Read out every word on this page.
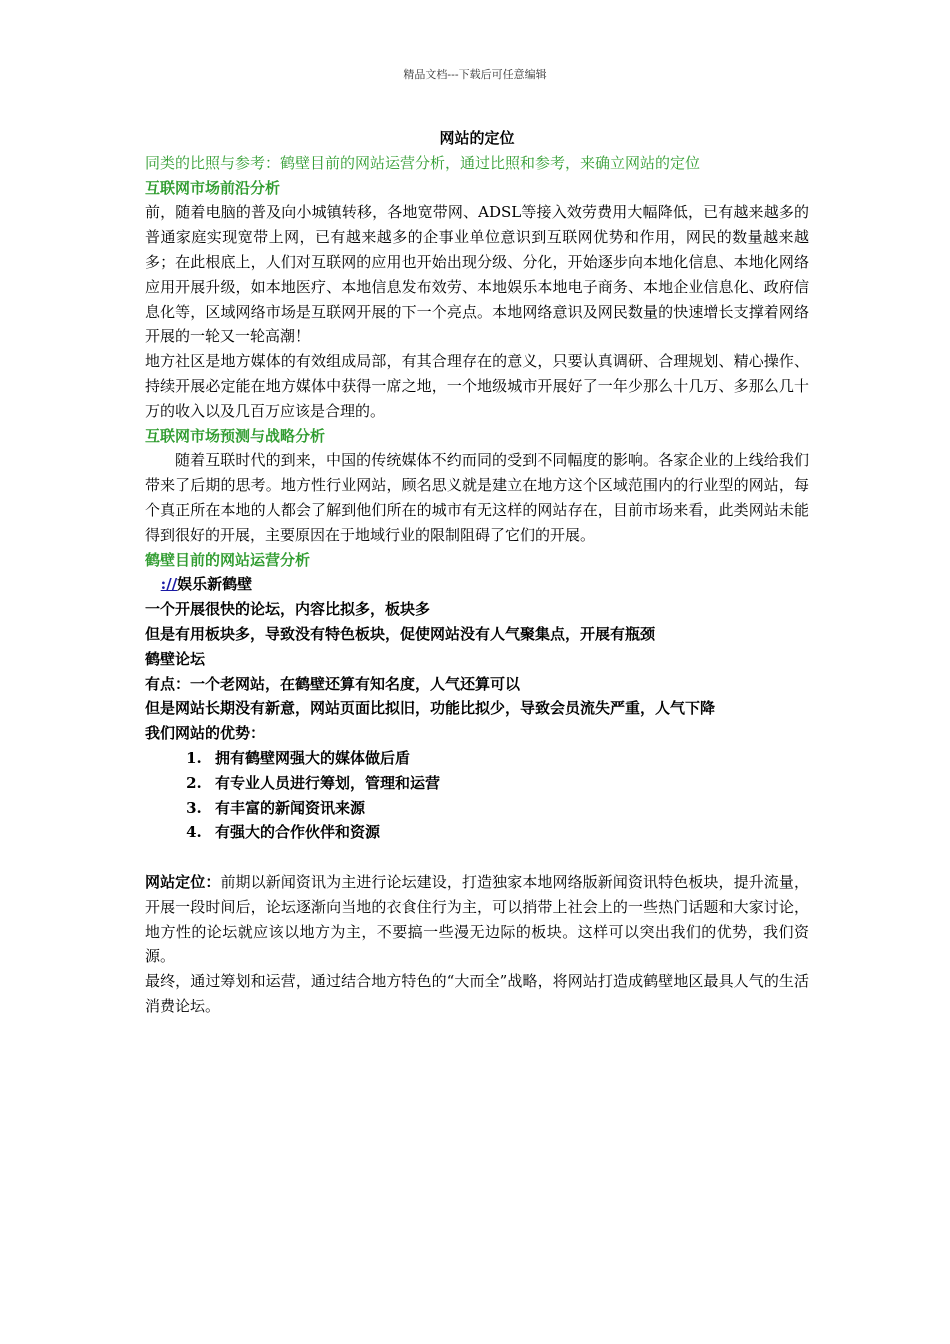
精品文档---下载后可任意编辑

网站的定位

同类的比照与参考：鹤壁目前的网站运营分析，通过比照和参考，来确立网站的定位

互联网市场前沿分析

前，随着电脑的普及向小城镇转移，各地宽带网、ADSL等接入效劳费用大幅降低，已有越来越多的普通家庭实现宽带上网，已有越来越多的企事业单位意识到互联网优势和作用，网民的数量越来越多；在此根底上，人们对互联网的应用也开始出现分级、分化，开始逐步向本地化信息、本地化网络应用开展升级，如本地医疗、本地信息发布效劳、本地娱乐本地电子商务、本地企业信息化、政府信息化等，区域网络市场是互联网开展的下一个亮点。本地网络意识及网民数量的快速增长支撑着网络开展的一轮又一轮高潮！

地方社区是地方媒体的有效组成局部，有其合理存在的意义，只要认真调研、合理规划、精心操作、持续开展必定能在地方媒体中获得一席之地，一个地级城市开展好了一年少那么十几万、多那么几十万的收入以及几百万应该是合理的。

互联网市场预测与战略分析

随着互联时代的到来，中国的传统媒体不约而同的受到不同幅度的影响。各家企业的上线给我们带来了后期的思考。地方性行业网站，顾名思义就是建立在地方这个区域范围内的行业型的网站，每个真正所在本地的人都会了解到他们所在的城市有无这样的网站存在，目前市场来看，此类网站未能得到很好的开展，主要原因在于地域行业的限制阻碍了它们的开展。

鹤壁目前的网站运营分析

://娱乐新鹤壁

一个开展很快的论坛，内容比拟多，板块多

但是有用板块多，导致没有特色板块，促使网站没有人气聚集点，开展有瓶颈

鹤壁论坛

有点：一个老网站，在鹤壁还算有知名度，人气还算可以

但是网站长期没有新意，网站页面比拟旧，功能比拟少，导致会员流失严重，人气下降

我们网站的优势：

1. 拥有鹤壁网强大的媒体做后盾
2. 有专业人员进行筹划，管理和运营
3. 有丰富的新闻资讯来源
4. 有强大的合作伙伴和资源

网站定位：前期以新闻资讯为主进行论坛建设，打造独家本地网络版新闻资讯特色板块，提升流量，开展一段时间后，论坛逐渐向当地的衣食住行为主，可以捎带上社会上的一些热门话题和大家讨论，地方性的论坛就应该以地方为主，不要搞一些漫无边际的板块。这样可以突出我们的优势，我们资源。

最终，通过筹划和运营，通过结合地方特色的“大而全”战略，将网站打造成鹤壁地区最具人气的生活消费论坛。
